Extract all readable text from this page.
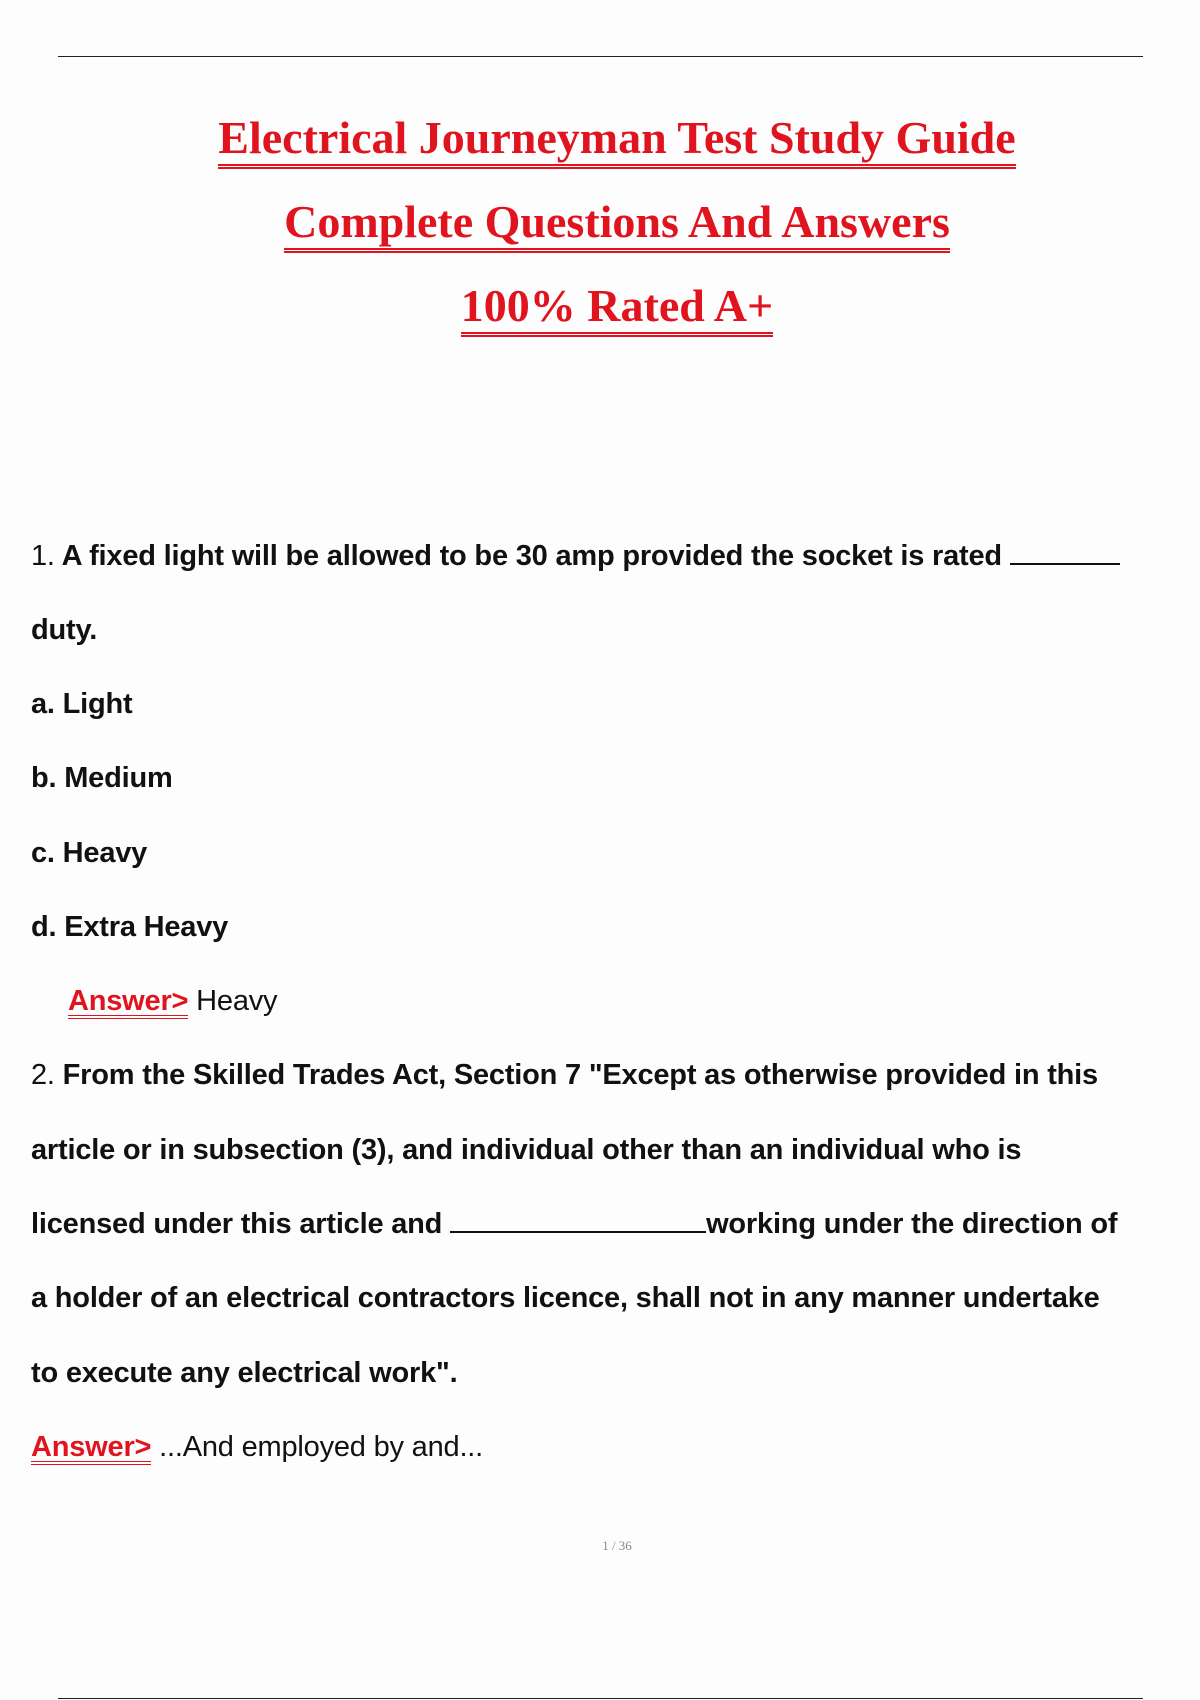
Electrical Journeyman Test Study Guide
Complete Questions And Answers
100% Rated A+
1. A fixed light will be allowed to be 30 amp provided the socket is rated
duty.
a. Light
b. Medium
c. Heavy
d. Extra Heavy
Answer> Heavy
2. From the Skilled Trades Act, Section 7 "Except as otherwise provided in this
article or in subsection (3), and individual other than an individual who is
licensed under this article and	working under the direction of
a holder of an electrical contractors licence, shall not in any manner undertake
to execute any electrical work".
Answer> ...And employed by and...
1 / 36
